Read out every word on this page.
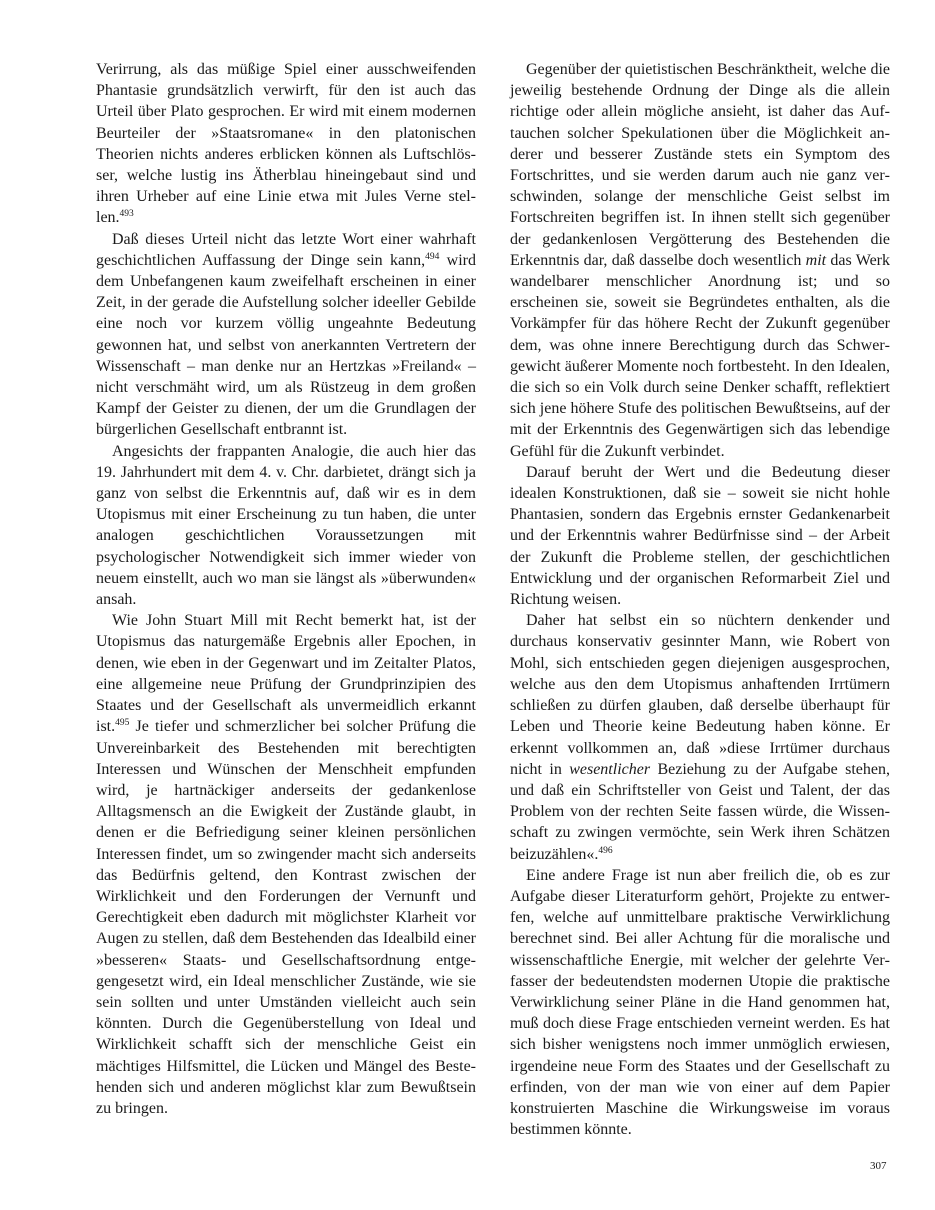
Verirrung, als das müßige Spiel einer ausschweifenden Phantasie grundsätzlich verwirft, für den ist auch das Urteil über Plato gesprochen. Er wird mit einem modernen Beurteiler der »Staatsromane« in den platonischen Theorien nichts anderes erblicken können als Luftschlösser, welche lustig ins Ätherblau hineingebaut sind und ihren Urheber auf eine Linie etwa mit Jules Verne stellen.$^{493}$

Daß dieses Urteil nicht das letzte Wort einer wahrhaft geschichtlichen Auffassung der Dinge sein kann,$^{494}$ wird dem Unbefangenen kaum zweifelhaft erscheinen in einer Zeit, in der gerade die Aufstellung solcher ideeller Gebilde eine noch vor kurzem völlig ungeahnte Bedeutung gewonnen hat, und selbst von anerkannten Vertretern der Wissenschaft – man denke nur an Hertzkas »Freiland« – nicht verschmäht wird, um als Rüstzeug in dem großen Kampf der Geister zu dienen, der um die Grundlagen der bürgerlichen Gesellschaft entbrannt ist.

Angesichts der frappanten Analogie, die auch hier das 19. Jahrhundert mit dem 4. v. Chr. darbietet, drängt sich ja ganz von selbst die Erkenntnis auf, daß wir es in dem Utopismus mit einer Erscheinung zu tun haben, die unter analogen geschichtlichen Voraussetzungen mit psychologischer Notwendigkeit sich immer wieder von neuem einstellt, auch wo man sie längst als »überwunden« ansah.

Wie John Stuart Mill mit Recht bemerkt hat, ist der Utopismus das naturgemäße Ergebnis aller Epochen, in denen, wie eben in der Gegenwart und im Zeitalter Platos, eine allgemeine neue Prüfung der Grundprinzipien des Staates und der Gesellschaft als unvermeidlich erkannt ist.$^{495}$ Je tiefer und schmerzlicher bei solcher Prüfung die Unvereinbarkeit des Bestehenden mit berechtigten Interessen und Wünschen der Menschheit empfunden wird, je hartnäckiger anderseits der gedankenlose Alltagsmensch an die Ewigkeit der Zustände glaubt, in denen er die Befriedigung seiner kleinen persönlichen Interessen findet, um so zwingender macht sich anderseits das Bedürfnis geltend, den Kontrast zwischen der Wirklichkeit und den Forderungen der Vernunft und Gerechtigkeit eben dadurch mit möglichster Klarheit vor Augen zu stellen, daß dem Bestehenden das Idealbild einer »besseren« Staats- und Gesellschaftsordnung entgegengesetzt wird, ein Ideal menschlicher Zustände, wie sie sein sollten und unter Umständen vielleicht auch sein könnten. Durch die Gegenüberstellung von Ideal und Wirklichkeit schafft sich der menschliche Geist ein mächtiges Hilfsmittel, die Lücken und Mängel des Bestehenden sich und anderen möglichst klar zum Bewußtsein zu bringen.

Gegenüber der quietistischen Beschränktheit, welche die jeweilig bestehende Ordnung der Dinge als die allein richtige oder allein mögliche ansieht, ist daher das Auftauchen solcher Spekulationen über die Möglichkeit anderer und besserer Zustände stets ein Symptom des Fortschrittes, und sie werden darum auch nie ganz verschwinden, solange der menschliche Geist selbst im Fortschreiten begriffen ist. In ihnen stellt sich gegenüber der gedankenlosen Vergötterung des Bestehenden die Erkenntnis dar, daß dasselbe doch wesentlich mit das Werk wandelbarer menschlicher Anordnung ist; und so erscheinen sie, soweit sie Begründetes enthalten, als die Vorkämpfer für das höhere Recht der Zukunft gegenüber dem, was ohne innere Berechtigung durch das Schwergewicht äußerer Momente noch fortbesteht. In den Idealen, die sich so ein Volk durch seine Denker schafft, reflektiert sich jene höhere Stufe des politischen Bewußtseins, auf der mit der Erkenntnis des Gegenwärtigen sich das lebendige Gefühl für die Zukunft verbindet.

Darauf beruht der Wert und die Bedeutung dieser idealen Konstruktionen, daß sie – soweit sie nicht hohle Phantasien, sondern das Ergebnis ernster Gedankenarbeit und der Erkenntnis wahrer Bedürfnisse sind – der Arbeit der Zukunft die Probleme stellen, der geschichtlichen Entwicklung und der organischen Reformarbeit Ziel und Richtung weisen.

Daher hat selbst ein so nüchtern denkender und durchaus konservativ gesinnter Mann, wie Robert von Mohl, sich entschieden gegen diejenigen ausgesprochen, welche aus den dem Utopismus anhaftenden Irrtümern schließen zu dürfen glauben, daß derselbe überhaupt für Leben und Theorie keine Bedeutung haben könne. Er erkennt vollkommen an, daß »diese Irrtümer durchaus nicht in wesentlicher Beziehung zu der Aufgabe stehen, und daß ein Schriftsteller von Geist und Talent, der das Problem von der rechten Seite fassen würde, die Wissenschaft zu zwingen vermöchte, sein Werk ihren Schätzen beizuzählen«.$^{496}$

Eine andere Frage ist nun aber freilich die, ob es zur Aufgabe dieser Literaturform gehört, Projekte zu entwerfen, welche auf unmittelbare praktische Verwirklichung berechnet sind. Bei aller Achtung für die moralische und wissenschaftliche Energie, mit welcher der gelehrte Verfasser der bedeutendsten modernen Utopie die praktische Verwirklichung seiner Pläne in die Hand genommen hat, muß doch diese Frage entschieden verneint werden. Es hat sich bisher wenigstens noch immer unmöglich erwiesen, irgendeine neue Form des Staates und der Gesellschaft zu erfinden, von der man wie von einer auf dem Papier konstruierten Maschine die Wirkungsweise im voraus bestimmen könnte.

307
